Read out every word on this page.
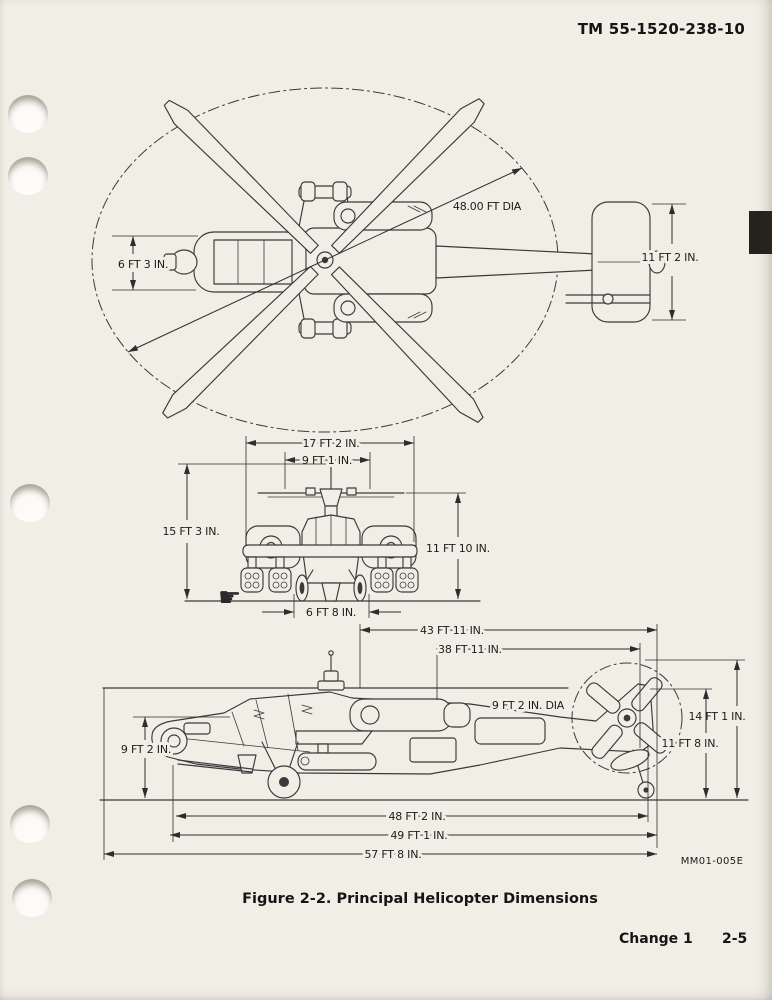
TM 55-1520-238-10
48.00 FT DIA
6 FT 3 IN.
11 FT 2 IN.
☛
17 FT 2 IN.
9 FT 1 IN.
15 FT 3 IN.
11 FT 10 IN.
6 FT 8 IN.
43 FT 11 IN.
38 FT 11 IN.
9 FT 2 IN. DIA
14 FT 1 IN.
11 FT 8 IN.
9 FT 2 IN.
48 FT 2 IN.
49 FT 1 IN.
57 FT 8 IN.
MM01-005E
Figure 2-2. Principal Helicopter Dimensions
Change 1 2-5
